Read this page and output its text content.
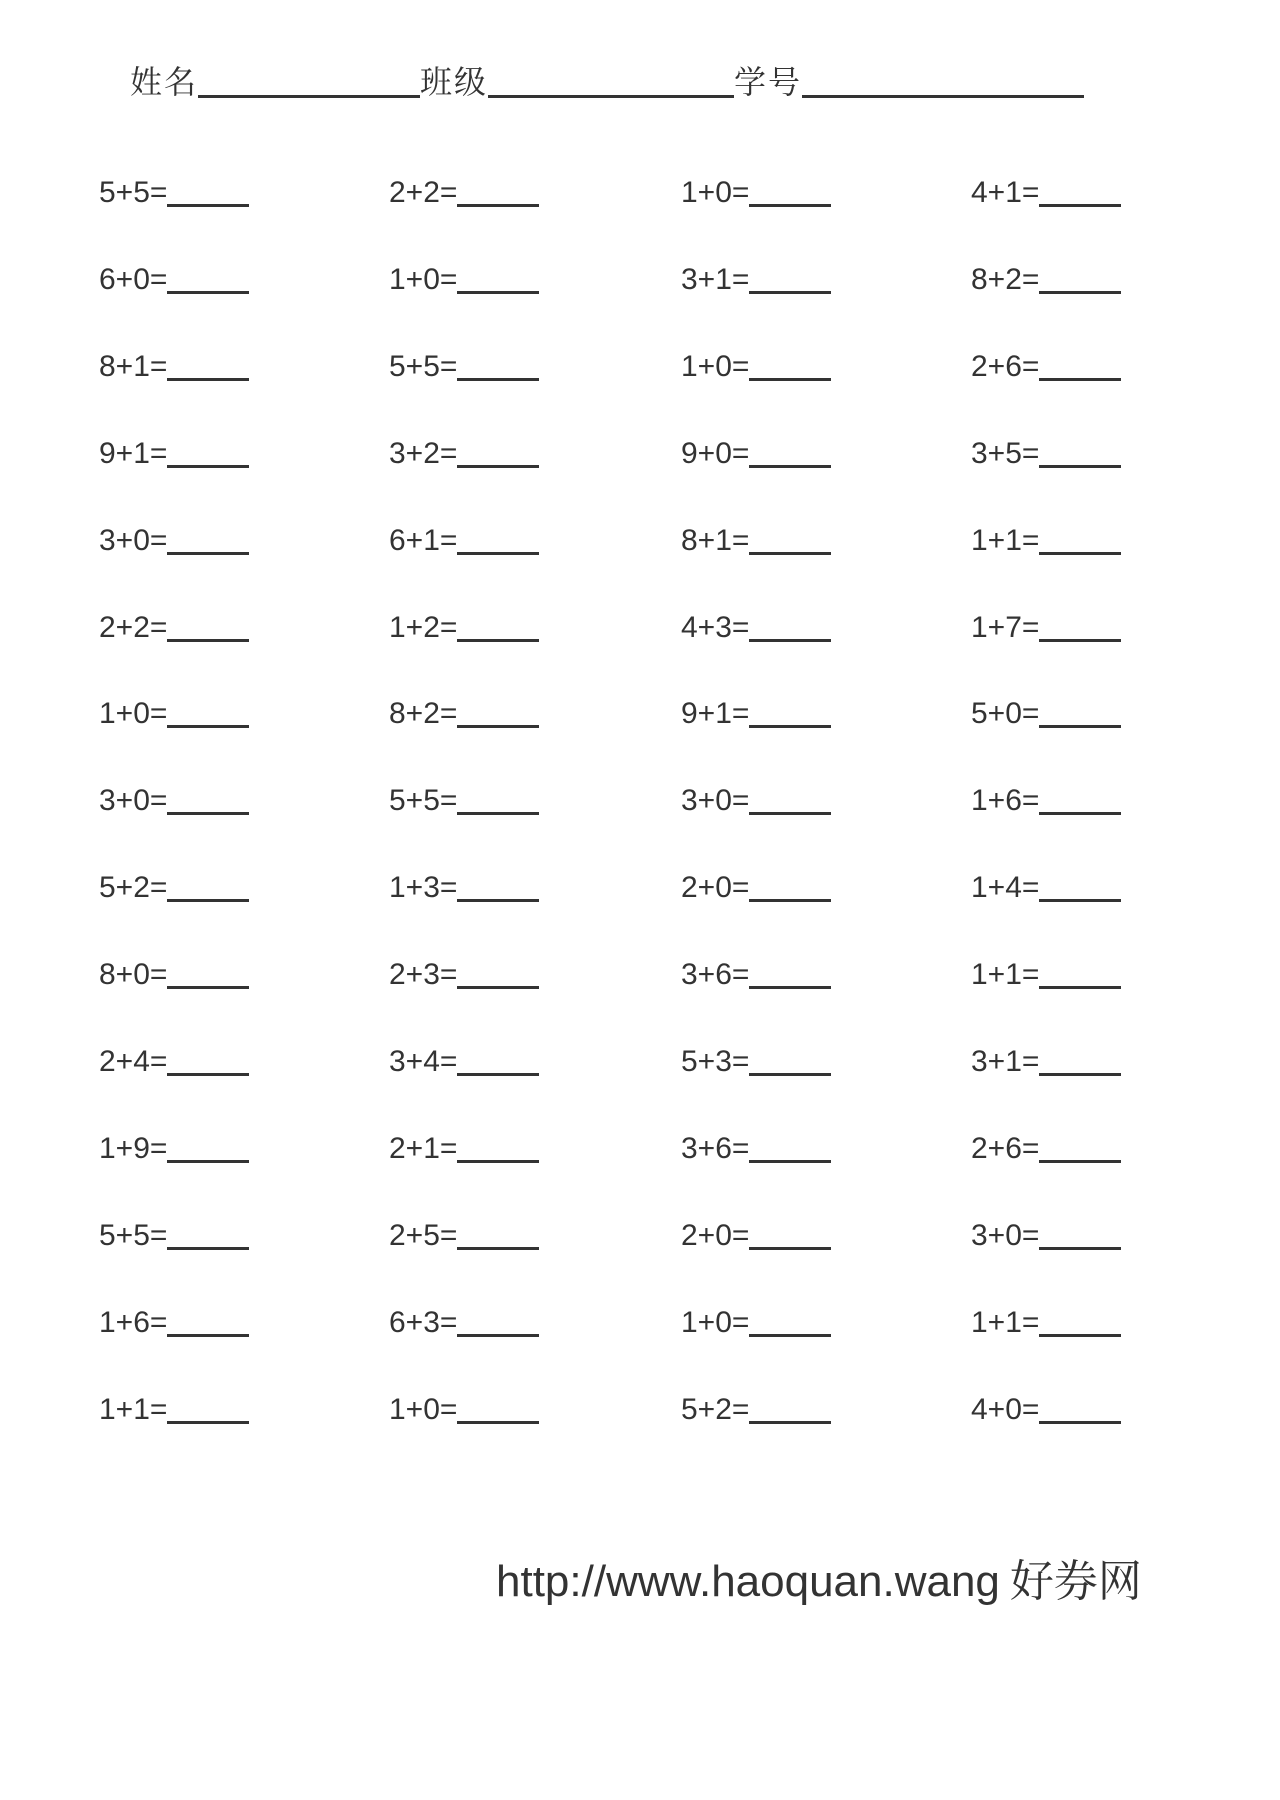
姓名	班级	学号
5+5=	2+2=	1+0=	4+1=
6+0=	1+0=	3+1=	8+2=
8+1=	5+5=	1+0=	2+6=
9+1=	3+2=	9+0=	3+5=
3+0=	6+1=	8+1=	1+1=
2+2=	1+2=	4+3=	1+7=
1+0=	8+2=	9+1=	5+0=
3+0=	5+5=	3+0=	1+6=
5+2=	1+3=	2+0=	1+4=
8+0=	2+3=	3+6=	1+1=
2+4=	3+4=	5+3=	3+1=
1+9=	2+1=	3+6=	2+6=
5+5=	2+5=	2+0=	3+0=
1+6=	6+3=	1+0=	1+1=
1+1=	1+0=	5+2=	4+0=
http://www.haoquan.wang 好券网
